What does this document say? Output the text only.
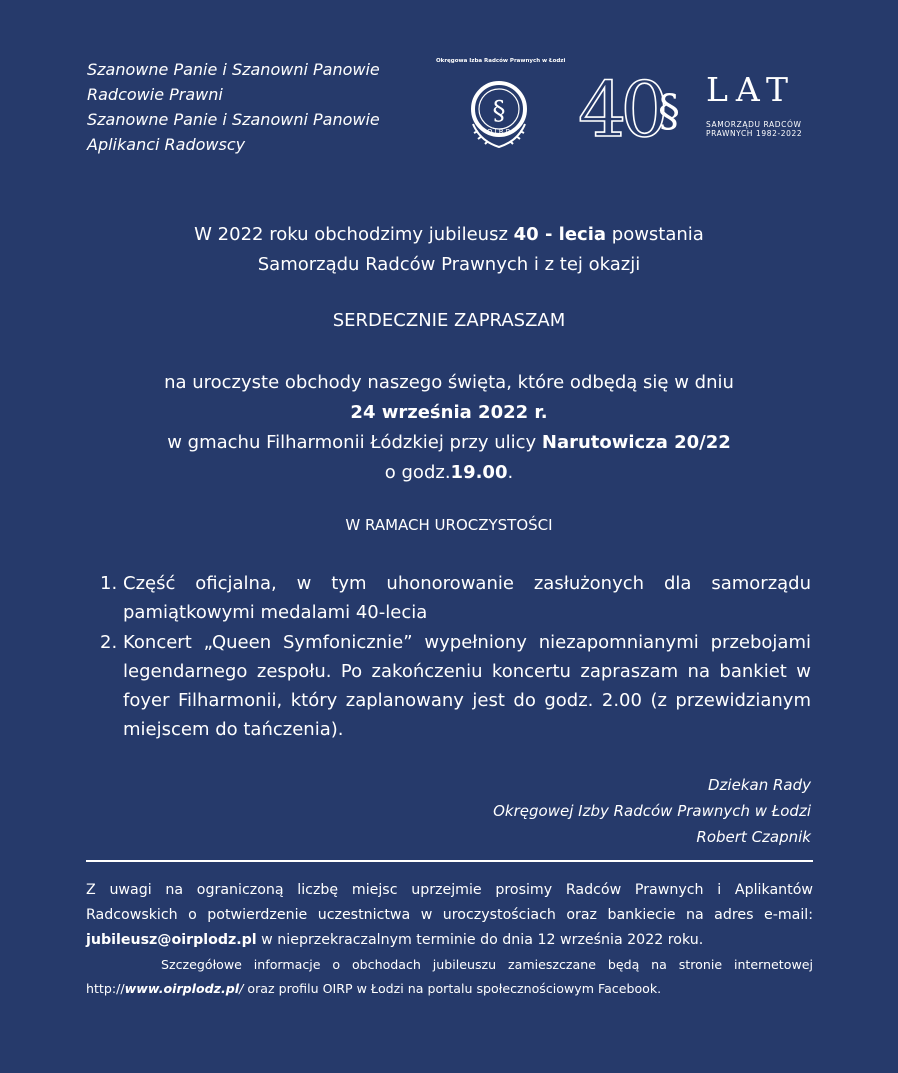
Szanowne Panie i Szanowni Panowie
Radcowie Prawni
Szanowne Panie i Szanowni Panowie
Aplikanci Radowscy
Okręgowa Izba Radców Prawnych w Łodzi
§
O.I.R.P. 40
§ LAT
SAMORZĄDU RADCÓW
PRAWNYCH 1982-2022
W 2022 roku obchodzimy jubileusz 40 - lecia powstania
Samorządu Radców Prawnych i z tej okazji
SERDECZNIE ZAPRASZAM
na uroczyste obchody naszego święta, które odbędą się w dniu
24 września 2022 r.
w gmachu Filharmonii Łódzkiej przy ulicy Narutowicza 20/22
o godz.19.00.
W RAMACH UROCZYSTOŚCI
1. Część oficjalna, w tym uhonorowanie zasłużonych dla samorządu pamiątkowymi medalami 40-lecia
2. Koncert „Queen Symfonicznie” wypełniony niezapomnianymi przebojami legendarnego zespołu. Po zakończeniu koncertu zapraszam na bankiet w foyer Filharmonii, który zaplanowany jest do godz. 2.00 (z przewidzianym miejscem do tańczenia).
Dziekan Rady
Okręgowej Izby Radców Prawnych w Łodzi
Robert Czapnik
Z uwagi na ograniczoną liczbę miejsc uprzejmie prosimy Radców Prawnych i Aplikantów
Radcowskich o potwierdzenie uczestnictwa w uroczystościach oraz bankiecie na adres e-mail:
jubileusz@oirplodz.pl w nieprzekraczalnym terminie do dnia 12 września 2022 roku.
Szczegółowe informacje o obchodach jubileuszu zamieszczane będą na stronie internetowej
http://www.oirplodz.pl/ oraz profilu OIRP w Łodzi na portalu społecznościowym Facebook.
